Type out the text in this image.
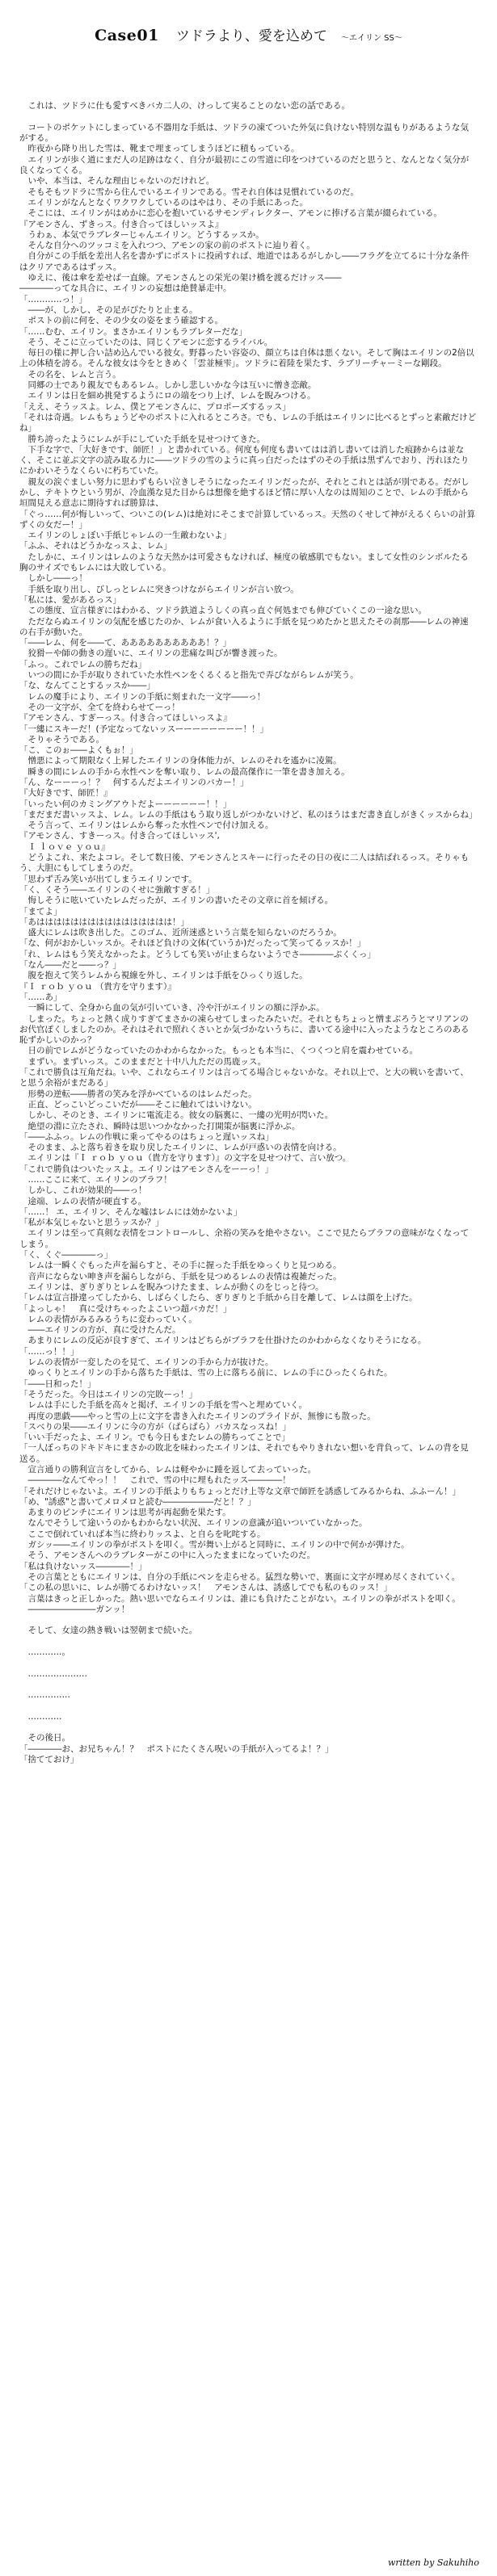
Case01 ツドラより、愛を込めて 〜エイリン SS〜

　これは、ツドラに仕も愛すべきバカ二人の、けっして実ることのない恋の話である。

　コートのポケットにしまっている不器用な手紙は、ツドラの凍てついた外気に負けない特別な温もりがあるような気がする。

　昨夜から降り出した雪は、靴まで埋まってしまうほどに積もっている。

　エイリンが歩く道にまだ人の足跡はなく、自分が最初にこの雪道に印をつけているのだと思うと、なんとなく気分が良くなってくる。

　いや、本当は、そんな理由じゃないのだけれど。

　そもそもツドラに雪から住んでいるエイリンである。雪それ自体は見慣れているのだ。

　エイリンがなんとなくワクワクしているのはやはり、その手紙にあった。

　そこには、エイリンがはめかに恋心を抱いているサモンディレクター、アモンに捧げる言葉が綴られている。

『アモンさん、ずきっス。付き合ってほしいッスよ』

　うわぁ、本気でラブレターじゃんエイリン。どうするッスか。

　そんな自分へのツッコミを入れつつ、アモンの家の前のポストに辿り着く。

　自分がこの手紙を差出人名を書かずにポストに投函すれば、地道ではあるがしかし――フラグを立てるに十分な条件はクリアであるはずッス。

　ゆえに、後は傘を差せば一直線。アモンさんとの栄光の架け橋を渡るだけッス――

――――ってな具合に、エイリンの妄想は絶賛暴走中。

「…………っ！」

　――が、しかし、その足がぴたりと止まる。

　ポストの前に何を、その少女の姿をまう確認する。

「……むむ、エイリン。まさかエイリンもラブレターだな」

　そう、そこに立っていたのは、同じくアモンに恋するライバル。

　毎日の様に押し合い詰め込んでいる彼女。野暮ったい容姿の、顔立ちは自体は悪くない。そして胸はエイリンの2倍以上の体積を誇る。そんな彼女は今をときめく「雲並極雫」。ツドラに着陸を果たす、ラブリーチャーミーな剛段。

　その名を、レムと言う。

　同郷の士であり親友でもあるレム。しかし悲しいかな今は互いに憎き恋敵。

　エイリンは日を細め挑発するようにロの端をつり上げ、レムを睨みつける。

「ええ、そうッスよ。レム、僕とアモンさんに、プロポーズするッス」

「それは奇遇。レムもちょうどやのポストに入れるところさ。でも、レムの手紙はエイリンに比べるとずっと素敵だけどね」

　勝ち誇ったようにレムが手にしていた手紙を見せつけてきた。

　下手な字で、「大好きです、師匠！」と書かれている。何度も何度も書いてはは消し書いては消した痕跡からは並なく、そこに並ぶ文字の読み取る力に――ツドラの雪のように真っ白だったはずのその手紙は黒ずんでおり、汚れほたりにかわいそうなくらいに朽ちていた。

　親友の涙ぐましい努力に思わずもらい泣きしそうになったエイリンだったが、それとこれとは話が別である。だがしかし、テキトウという男が、冷血漢な見た目からは想像を絶するほど情に厚い人なのは周知のことで、レムの手紙から垣間見える意志に期待すれば勝算は、

「ぐっ……何が悔しいって、ついこの(レム)は絶対にそこまで計算しているっス。天然のくせして神がえるくらいの計算ずくの女だー！」

　エイリンのしょぼい手紙じゃレムの一生敵わないよ」

「ふふ、それはどうかなっスよ、レム」

　たしかに、エイリンはレムのような天然かは可愛さもなければ、極度の敏感肌でもない。まして女性のシンボルたる胸のサイズでもレムには大敗している。

　しかし――っ！

　手紙を取り出し、びしっとレムに突きつけながらエイリンが言い放つ。

「私には、愛があるっス」

　この態度、宣言様ぎにはわかる、ツドラ鉄道ようしくの真っ直ぐ何処までも伸びていくこの一途な思い。

　ただならぬエイリンの気配を感じたのか、レムが食い入るように手紙を見つめたかと思えたその刹那――レムの神速の右手が動いた。

「――レム、何を――て、ああああああああああ！？」

　狡猾ーや師の動きの遅いに、エイリンの悲痛な叫びが響き渡った。

「ふっ。これでレムの勝ちだね」

　いつの間にか手が取りされていた水性ペンをくるくると指先で弄びながらレムが笑う。

「な、なんてことするッスか――」

　レムの魔手により、エイリンの手紙に刻まれた一文字――っ！

　その一文字が、全てを終わらせてーっ！

『アモンさん、すぎーっス。付き合ってほしいっスよ』

「一縷にスキーだ！(予定なってないッスーーーーーーーー！！」

　そりゃそうである。

「こ、このぉ――よくもぉ！」

　憎悪によって期限なく上昇したエイリンの身体能力が、レムのそれを遙かに凌駕。

　瞬きの間にレムの手から水性ペンを奪い取り、レムの最高傑作に一筆を書き加える。

「ん、なーーーっ！？　何するんだよエイリンのバカー！」

『大好きです、師匠！』

「いったい何のカミングアウトだよーーーーーー！！」

「まだまだ書いッスよ、レム。レムの手紙はもう取り返しがつかないけど、私のほうはまだ書き直しがきくッスからね」

　そう言って、エイリンはレムから奪った水性ペンで付け加える。

『アモンさん、すきーっス。付き合ってほしいッス',

　Ｉ ｌｏｖｅ ｙｏｕ』

　どうよこれ、来たよコレ。そして数日後、アモンさんとスキーに行ったその日の夜に二人は結ばれるっス。そりゃもう、大胆にもしてしまうのだ。

「思わず舌み笑いが出てしまうエイリンです。

「く、くそう――エイリンのくせに強敵すぎる！」

　悔しそうに呟いていたレムだったが、エイリンの書いたその文章に首を傾げる。

「まてよ」

「あはははははははははははははははは！」

　盛大にレムは吹き出した。このゴム、近所迷惑という言葉を知らないのだろうか。

「な、何がおかしいッスか。それほど負けの文体(ていうか)だったって笑ってるッスか！」

「れ、レムはもう笑えなかったよ。どうしても笑いが止まらないようでさ――――ぶくくっ」

「なん――だと――っ？」

　腹を抱えて笑うレムから視線を外し、エイリンは手紙をひっくり返した。

『Ｉ ｒｏｂ ｙｏｕ （貴方を守ります）』

「……あ」

　一瞬にして、全身から血の気が引いていき、冷や汗がエイリンの額に浮かぶ。

　しまった。ちょっと熱く成りすぎてまさかの凍らせてしまったみたいだ。それともちょっと憎まぶろうとマリアンのお代官ぽくしましたのか。それはそれで照れくさいとか気づかないうちに、書いてる途中に入ったようなところのある恥ずかしいのかっ？

　日の前でレムがどうなっていたのかわからなかった。もっとも本当に、くつくつと肩を震わせている。

　まずい。まずいっス。このままだと十中八九ただの馬鹿ッス。

「これで勝負は互角だね。いや、これならエイリンは言ってる場合じゃないかな。それ以上で、と大の戦いを書いて、と思う余裕がまだある」

　形勢の逆転――勝者の笑みを浮かべているのはレムだった。

　正直、どっこいどっこいだが――そこに触れてはいけない。

　しかし、そのとき、エイリンに電流走る。彼女の脳裏に、一縷の光明が閃いた。

　絶望の淵に立たされ、瞬時は思いつかなかった打開策が脳裏に浮かぶ。

「――ふふっ。レムの作戦に乗ってやるのはちょっと遅いッスね」

　そのまま、ふと落ち着きを取り戻したエイリンに、レムが戸惑いの表情を向ける。

　エイリンは『Ｉ ｒｏｂ ｙｏｕ（貴方を守ります）』の文字を見せつけて、言い放つ。

「これで勝負はついたッスよ。エイリンはアモンさんをーーっ！」

　……ここに来て、エイリンのブラフ！

　しかし、これが効果的――っ！

　途端、レムの表情が硬直する。

「……！ エ、エイリン、そんな嘘はレムには効かないよ」

「私が本気じゃないと思うッスか？」

　エイリンは至って真剣な表情をコントロールし、余裕の笑みを絶やさない。ここで見たらブラフの意味がなくなってしまう。

「く、くぐ――――っ」

　レムは一瞬くぐもった声を漏らすと、その手に握った手紙をゆっくりと見つめる。

　音声にならない呻き声を漏らしながら、手紙を見つめるレムの表情は複雑だった。

　エイリンは、ぎりぎりとレムを睨みつけたまま、レムが動くのをじっと待つ。

「レムは宣言掛違ってしたから、しばらくしたら、ぎりぎりと手紙から目を離して、レムは顔を上げた。

「よっしゃ！　真に受けちゃったよこいつ超バカだ！」

　レムの表情がみるみるうちに変わっていく。

　――エイリンの方が、真に受けたんだ。

　あまりにレムの反応が良すぎて、エイリンはどちらがブラフを仕掛けたのかわからなくなりそうになる。

「……っ！！」

　レムの表情が一変したのを見て、エイリンの手から力が抜けた。

　ゆっくりとエイリンの手から落ちた手紙は、雪の上に落ちる前に、レムの手にひったくられた。

「――日和った！」

「そうだった。今日はエイリンの完敗ーっ！」

　レムは手にした手紙を高々と掲げ、エイリンの手紙を雪へと埋めていく。

　再度の悪戯――やっと雪の上に文字を書き入れたエイリンのプライドが、無惨にも散った。

「スベりの果――エイリンに今の方が（ぱらぱら）バカスなっスね！」

「いい手だったよ、エイリン。でも今日もまたレムの勝ちってことで」

「一人ぼっちのドキドキにまさかの敗北を味わったエイリンは、それでもやりきれない想いを背負って、レムの背を見送る。

　宣言通りの勝利宣言をしてから、レムは軽やかに踵を返して去っていった。

　――――なんてやっ！！　これで、雪の中に埋もれたッス――――！

「それだけじゃないよ。エイリンの手紙よりもちょっとだけ上等な文章で師匠を誘惑してみるからね、ふふーん！」

「め、"誘惑"と書いてメロメロと読む――――――だと！？」

　あまりのピンチにエイリンは思考が再起動を果たす。

　なんでそうして途いうのかもわからない状況、エイリンの意識が追いついていなかった。

　ここで倒れていれば本当に終わりッスよ、と自らを叱咤する。

　ガシッ――エイリンの拳がポストを叩く。雪が舞い上がると同時に、エイリンの中で何かが弾けた。

　そう、アモンさんへのラブレターがこの中に入ったままになっていたのだ。

「私は負けないッス――――！」

　その言葉とともにエイリンは、自分の手紙にペンを走らせる。猛烈な勢いで、裏面に文字が埋め尽くされていく。

「この私の思いに、レムが勝てるわけないッス！　アモンさんは、誘惑してでも私のものッス！」

　言葉はきっと正しかった。熱い思いでならエイリンは、誰にも負けたことがない。エイリンの拳がポストを叩く。

　――――――――ガンッ！

　そして、女達の熱き戦いは翌朝まで続いた。

　…………。

　…………………

　……………

　…………

　その後日。

「――――お、お兄ちゃん！？　ポストにたくさん呪いの手紙が入ってるよ！？」

「捨てておけ」

written by Sakuhiho
